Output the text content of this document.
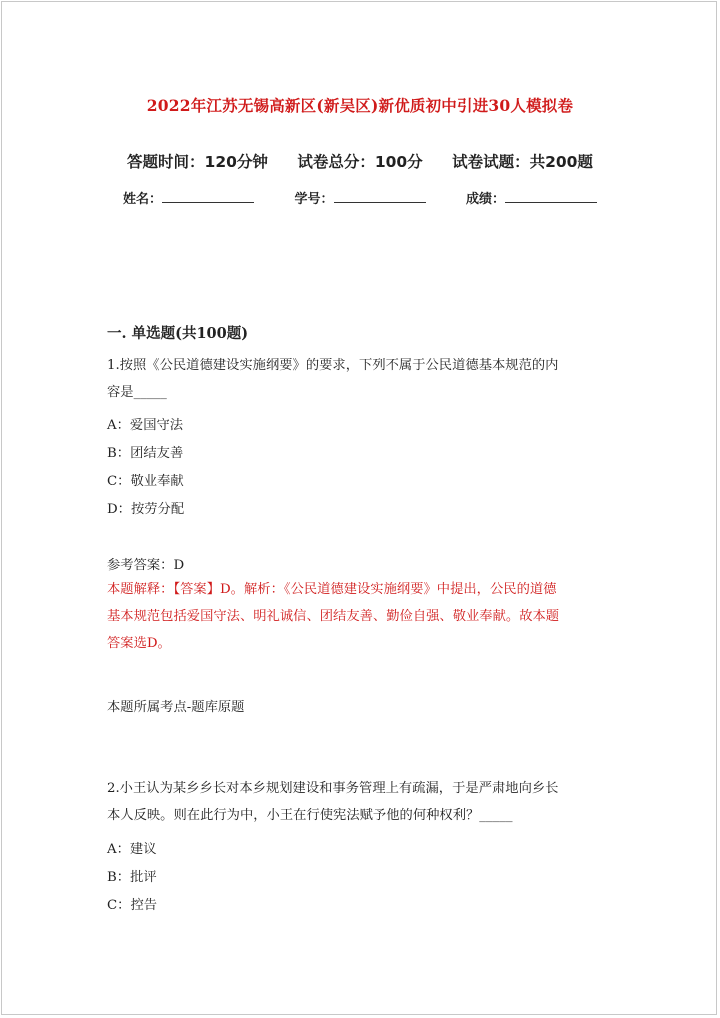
2022年江苏无锡高新区(新吴区)新优质初中引进30人模拟卷
答题时间：120分钟 试卷总分：100分 试卷试题：共200题
姓名：	学号：	成绩：
一. 单选题(共100题)
1.按照《公民道德建设实施纲要》的要求，下列不属于公民道德基本规范的内
容是_____
A：爱国守法
B：团结友善
C：敬业奉献
D：按劳分配
参考答案：D
本题解释：【答案】D。解析：《公民道德建设实施纲要》中提出，公民的道德
基本规范包括爱国守法、明礼诚信、团结友善、勤俭自强、敬业奉献。故本题
答案选D。
本题所属考点-题库原题
2.小王认为某乡乡长对本乡规划建设和事务管理上有疏漏，于是严肃地向乡长
本人反映。则在此行为中，小王在行使宪法赋予他的何种权利？_____
A：建议
B：批评
C：控告
